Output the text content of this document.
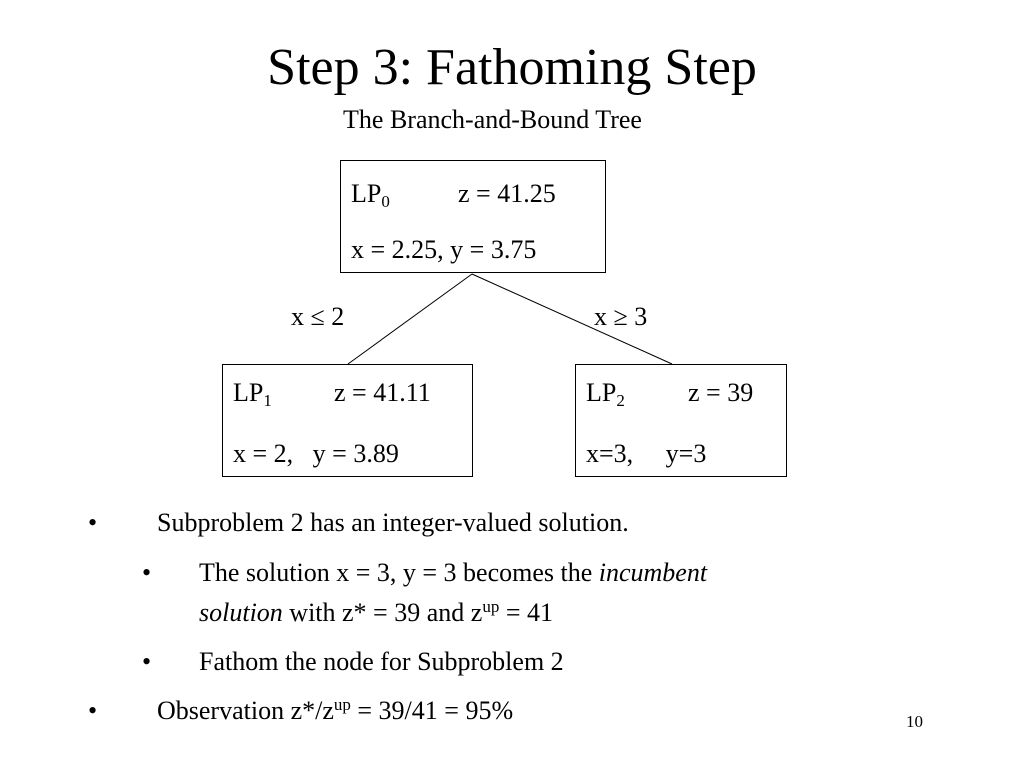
Step 3: Fathoming Step
The Branch-and-Bound Tree
$LP_0$	z = 41.25
x = 2.25, y = 3.75
x ≤ 2	x ≥ 3
$LP_1$ z = 41.11
x = 2,   y = 3.89
$LP_2$ z = 39
x=3,     y=3
• Subproblem 2 has an integer-valued solution.
• The solution x = 3, y = 3 becomes the incumbent
solution with z* = 39 and $z^{up} = 41$
• Fathom the node for Subproblem 2
• Observation $z*/z^{up} = 39/41 = 95\%$	10
